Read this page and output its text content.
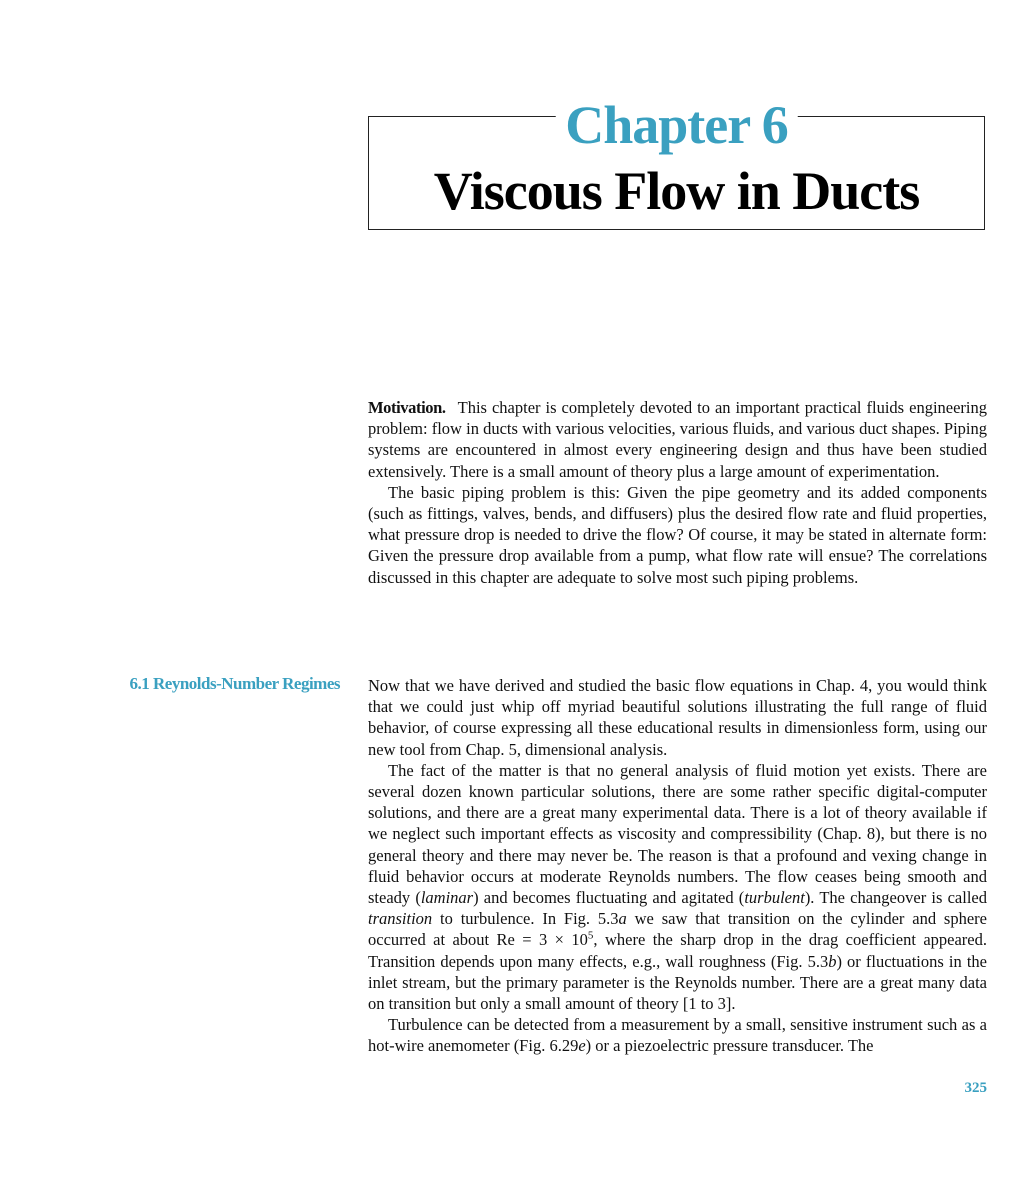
Chapter 6
Viscous Flow in Ducts

Motivation. This chapter is completely devoted to an important practical fluids engineering problem: flow in ducts with various velocities, various fluids, and various duct shapes. Piping systems are encountered in almost every engineering design and thus have been studied extensively. There is a small amount of theory plus a large amount of experimentation.

The basic piping problem is this: Given the pipe geometry and its added components (such as fittings, valves, bends, and diffusers) plus the desired flow rate and fluid properties, what pressure drop is needed to drive the flow? Of course, it may be stated in alternate form: Given the pressure drop available from a pump, what flow rate will ensue? The correlations discussed in this chapter are adequate to solve most such piping problems.

6.1 Reynolds-Number Regimes Now that we have derived and studied the basic flow equations in Chap. 4, you would think that we could just whip off myriad beautiful solutions illustrating the full range of fluid behavior, of course expressing all these educational results in dimensionless form, using our new tool from Chap. 5, dimensional analysis.

The fact of the matter is that no general analysis of fluid motion yet exists. There are several dozen known particular solutions, there are some rather specific digital-computer solutions, and there are a great many experimental data. There is a lot of theory available if we neglect such important effects as viscosity and compressibility (Chap. 8), but there is no general theory and there may never be. The reason is that a profound and vexing change in fluid behavior occurs at moderate Reynolds numbers. The flow ceases being smooth and steady (laminar) and becomes fluctuating and agitated (turbulent). The changeover is called transition to turbulence. In Fig. 5.3a we saw that transition on the cylinder and sphere occurred at about $Re = 3 \times 10^5$, where the sharp drop in the drag coefficient appeared. Transition depends upon many effects, e.g., wall roughness (Fig. 5.3b) or fluctuations in the inlet stream, but the primary parameter is the Reynolds number. There are a great many data on transition but only a small amount of theory [1 to 3].

Turbulence can be detected from a measurement by a small, sensitive instrument such as a hot-wire anemometer (Fig. 6.29e) or a piezoelectric pressure transducer. The

325
